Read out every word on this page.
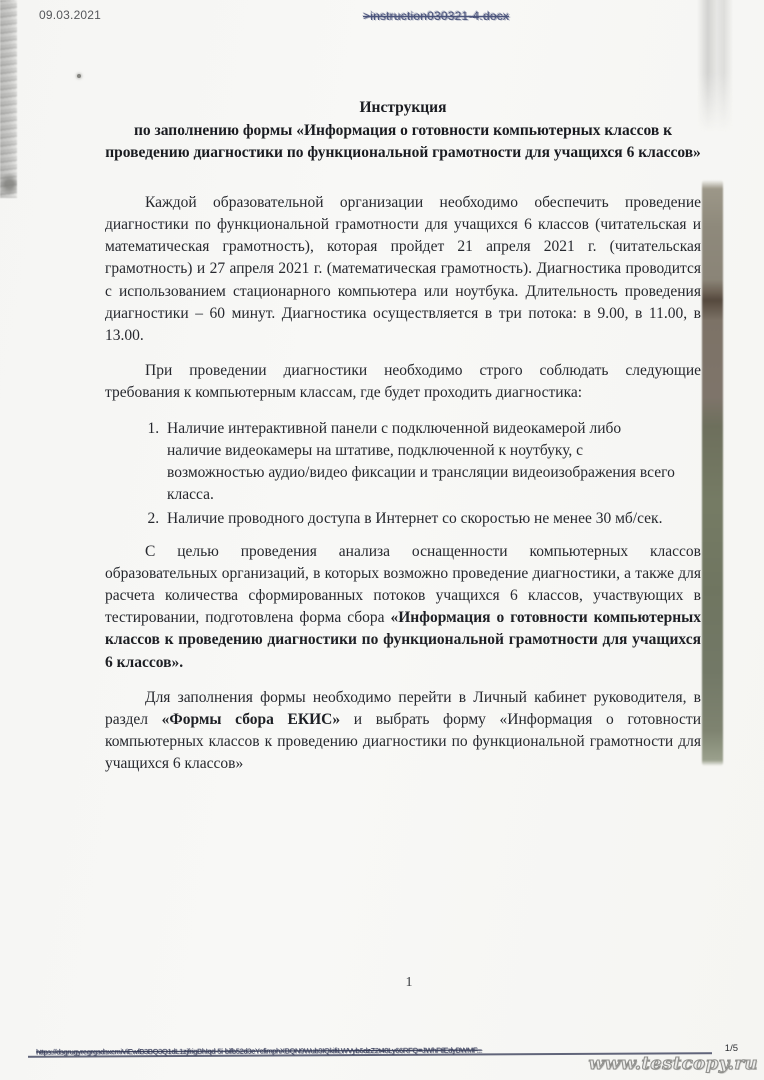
09.03.2021	>instruction030321-4.docx
Инструкция
по заполнению формы «Информация о готовности компьютерных классов к проведению диагностики по функциональной грамотности для учащихся 6 классов»

Каждой образовательной организации необходимо обеспечить проведение диагностики по функциональной грамотности для учащихся 6 классов (читательская и математическая грамотность), которая пройдет 21 апреля 2021 г. (читательская грамотность) и 27 апреля 2021 г. (математическая грамотность). Диагностика проводится с использованием стационарного компьютера или ноутбука. Длительность проведения диагностики – 60 минут. Диагностика осуществляется в три потока: в 9.00, в 11.00, в 13.00.

При проведении диагностики необходимо строго соблюдать следующие требования к компьютерным классам, где будет проходить диагностика:

1. Наличие интерактивной панели с подключенной видеокамерой либо наличие видеокамеры на штативе, подключенной к ноутбуку, с возможностью аудио/видео фиксации и трансляции видеоизображения всего класса.
2. Наличие проводного доступа в Интернет со скоростью не менее 30 мб/сек.

С целью проведения анализа оснащенности компьютерных классов образовательных организаций, в которых возможно проведение диагностики, а также для расчета количества сформированных потоков учащихся 6 классов, участвующих в тестировании, подготовлена форма сбора «Информация о готовности компьютерных классов к проведению диагностики по функциональной грамотности для учащихся 6 классов».

Для заполнения формы необходимо перейти в Личный кабинет руководителя, в раздел «Формы сбора ЕКИС» и выбрать форму «Информация о готовности компьютерных классов к проведению диагностики по функциональной грамотности для учащихся 6 классов»

1
https://dsgrugyregrgsdsxcmiViEwfB3BQ3Q1dL1zjfrigBhIqd-5i-bifb52d3eYcfimphXBQN9Wub9IQkifiLWVyb6dzZ2t40Ly66RFQ=JWhFtlEdyBWMF...	1/5
www.testcopy.ru
